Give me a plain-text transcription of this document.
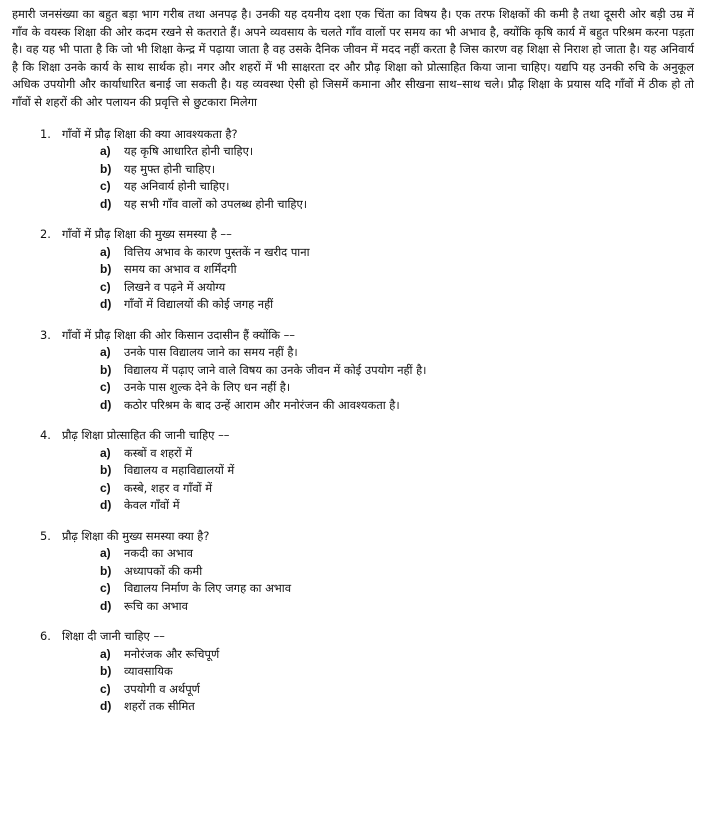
हमारी जनसंख्या का बहुत बड़ा भाग गरीब तथा अनपढ़ है। उनकी यह दयनीय दशा एक चिंता का विषय है। एक तरफ शिक्षकों की कमी है तथा दूसरी ओर बड़ी उम्र में गाँव के वयस्क शिक्षा की ओर कदम रखने से कतराते हैं। अपने व्यवसाय के चलते गाँव वालों पर समय का भी अभाव है, क्योंकि कृषि कार्य में बहुत परिश्रम करना पड़ता है। वह यह भी पाता है कि जो भी शिक्षा केन्द्र में पढ़ाया जाता है वह उसके दैनिक जीवन में मदद नहीं करता है जिस कारण वह शिक्षा से निराश हो जाता है। यह अनिवार्य है कि शिक्षा उनके कार्य के साथ सार्थक हो। नगर और शहरों में भी साक्षरता दर और प्रौढ़ शिक्षा को प्रोत्साहित किया जाना चाहिए। यद्यपि यह उनकी रुचि के अनुकूल अधिक उपयोगी और कार्याधारित बनाई जा सकती है। यह व्यवस्था ऐसी हो जिसमें कमाना और सीखना साथ–साथ चले। प्रौढ़ शिक्षा के प्रयास यदि गाँवों में ठीक हो तो गाँवों से शहरों की ओर पलायन की प्रवृत्ति से छुटकारा मिलेगा

1. गाँवों में प्रौढ़ शिक्षा की क्या आवश्यकता है?
a)	यह कृषि आधारित होनी चाहिए।
b)	यह मुफ्त होनी चाहिए।
c)	यह अनिवार्य होनी चाहिए।
d)	यह सभी गाँव वालों को उपलब्ध होनी चाहिए।
2. गाँवों में प्रौढ़ शिक्षा की मुख्य समस्या है ––
a)	वित्तिय अभाव के कारण पुस्तकें न खरीद पाना
b)	समय का अभाव व शर्मिंदगी
c)	लिखने व पढ़ने में अयोग्य
d)	गाँवों में विद्यालयों की कोई जगह नहीं
3. गाँवों में प्रौढ़ शिक्षा की ओर किसान उदासीन हैं क्योंकि ––
a)	उनके पास विद्यालय जाने का समय नहीं है।
b)	विद्यालय में पढ़ाए जाने वाले विषय का उनके जीवन में कोई उपयोग नहीं है।
c)	उनके पास शुल्क देने के लिए धन नहीं है।
d)	कठोर परिश्रम के बाद उन्हें आराम और मनोरंजन की आवश्यकता है।
4. प्रौढ़ शिक्षा प्रोत्साहित की जानी चाहिए ––
a)	कस्बों व शहरों में
b)	विद्यालय व महाविद्यालयों में
c)	कस्बे, शहर व गाँवों में
d)	केवल गाँवों में
5. प्रौढ़ शिक्षा की मुख्य समस्या क्या है?
a)	नकदी का अभाव
b)	अध्यापकों की कमी
c)	विद्यालय निर्माण के लिए जगह का अभाव
d)	रूचि का अभाव
6. शिक्षा दी जानी चाहिए ––
a)	मनोरंजक और रूचिपूर्ण
b)	व्यावसायिक
c)	उपयोगी व अर्थपूर्ण
d)	शहरों तक सीमित
